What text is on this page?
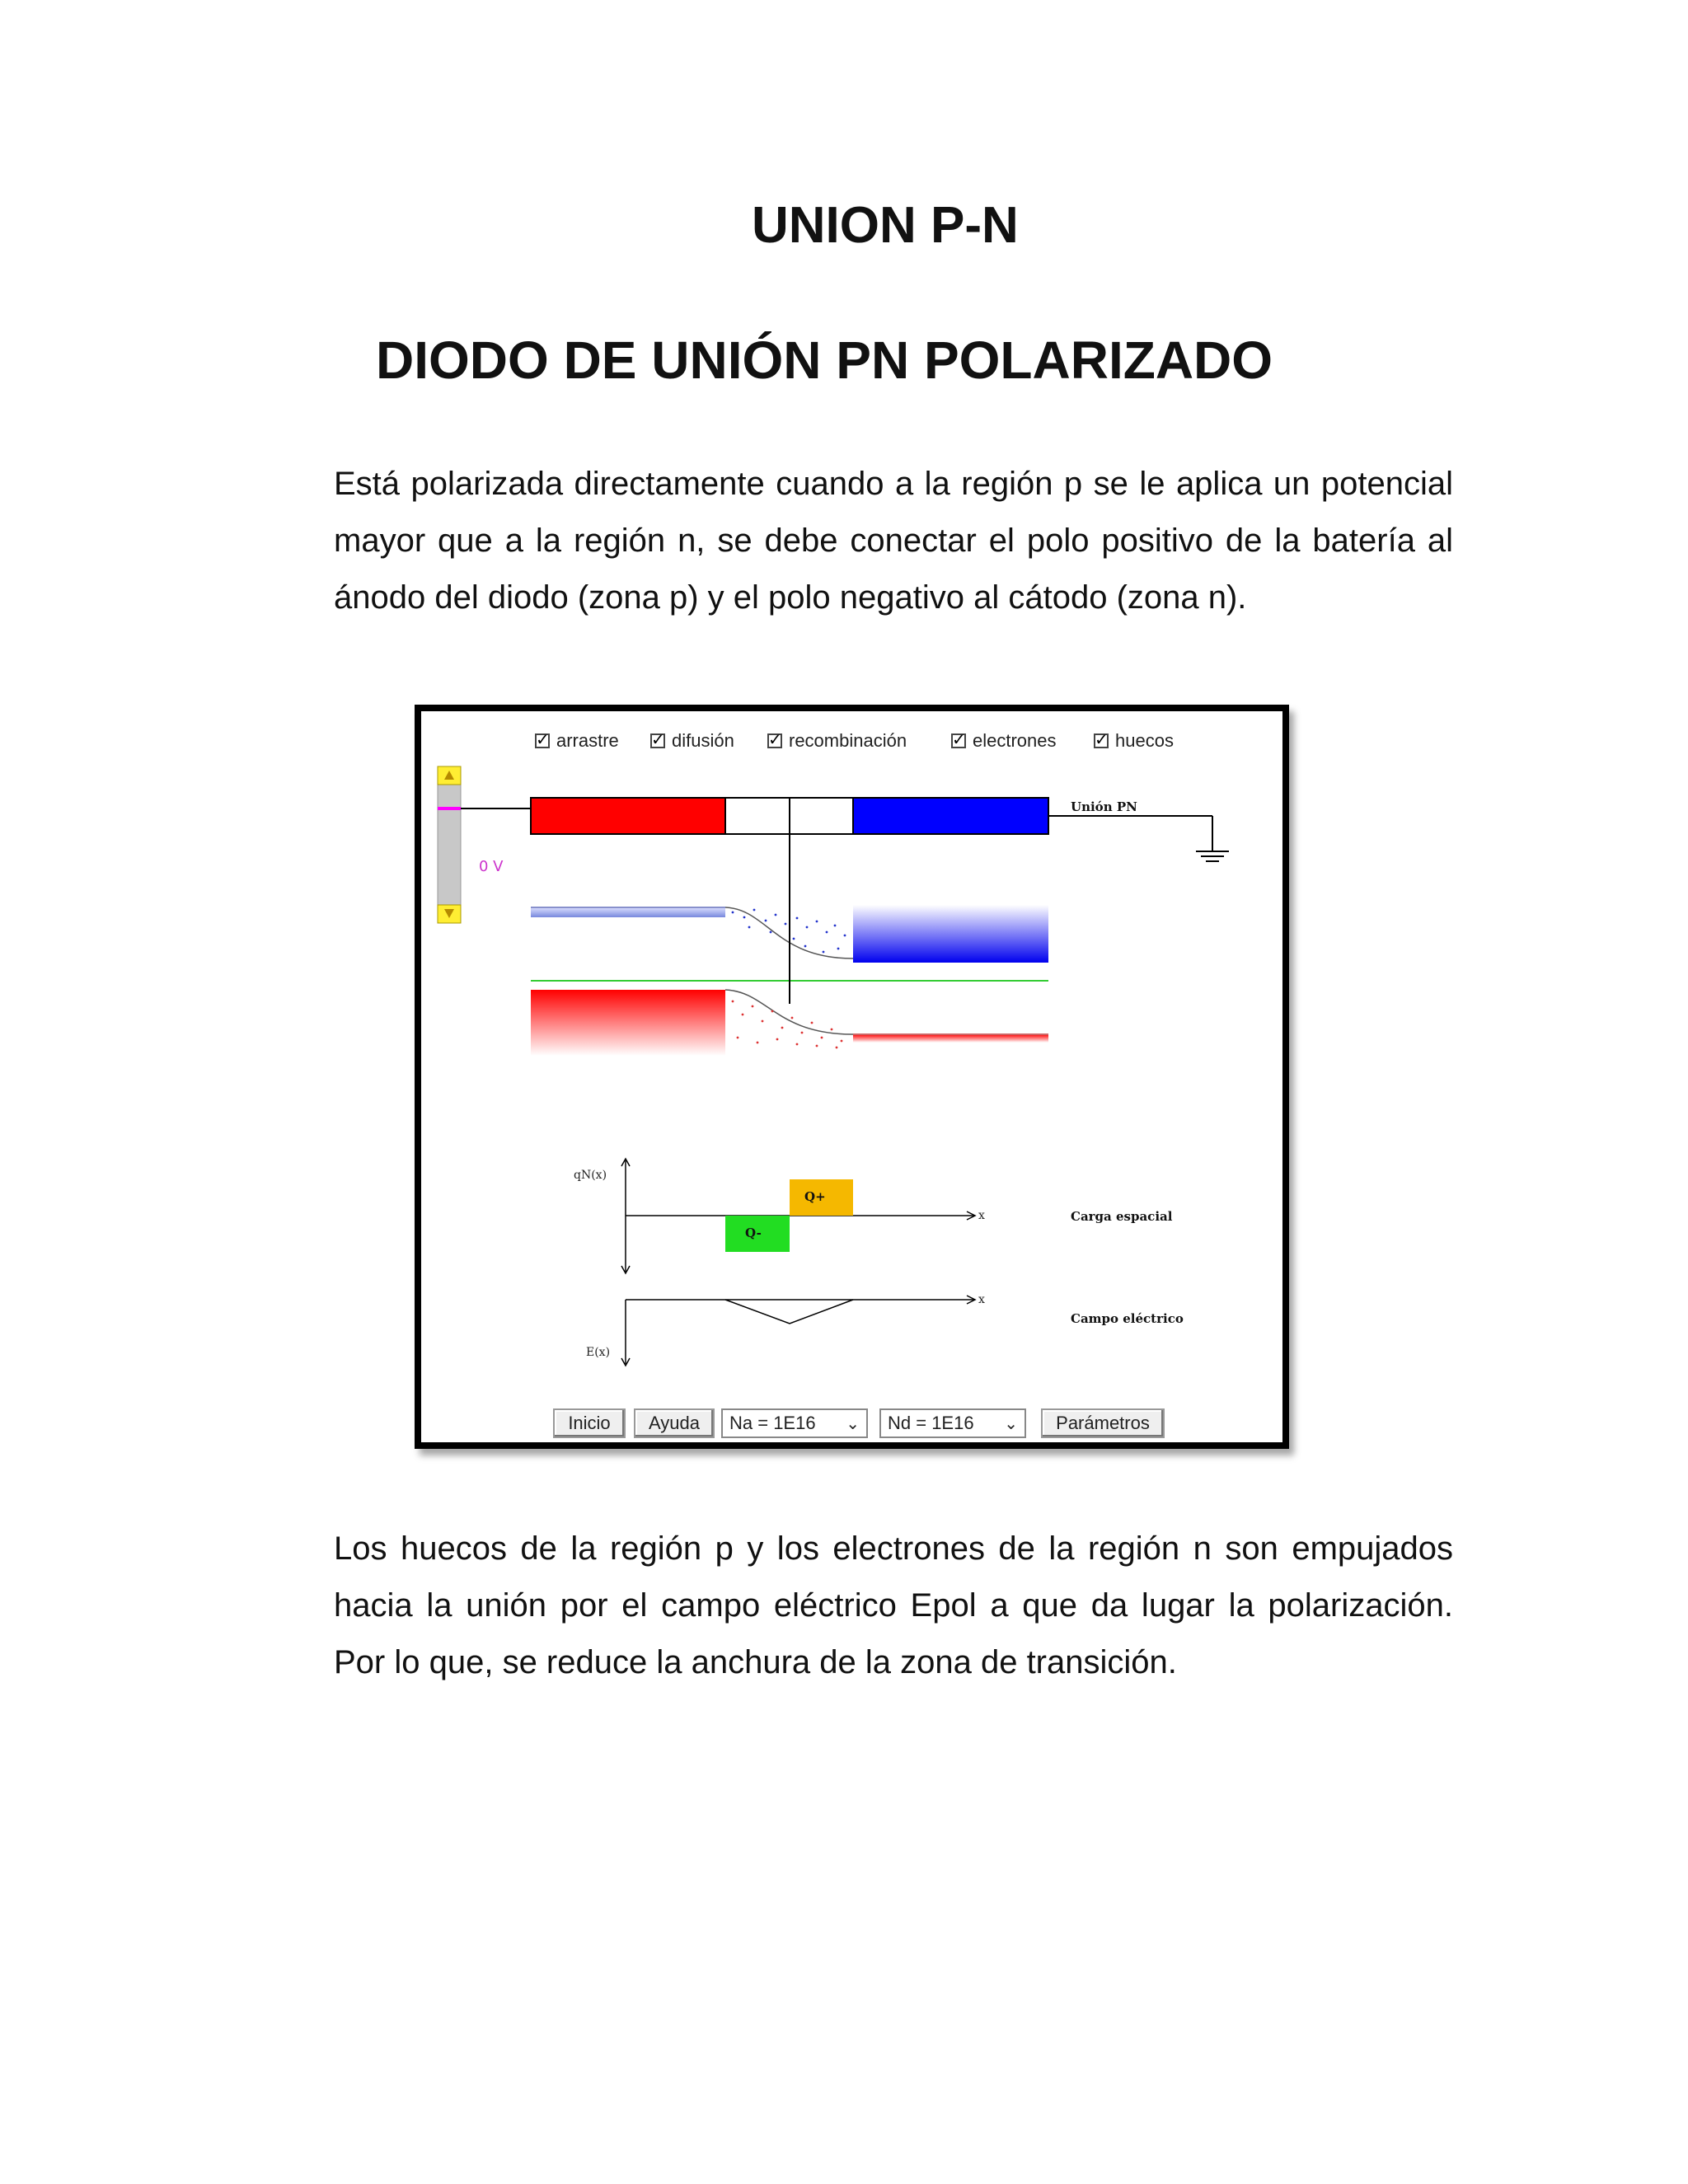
UNION P-N
DIODO DE UNIÓN PN POLARIZADO

Está polarizada directamente cuando a la región p se le aplica un potencial mayor que a la región n, se debe conectar el polo positivo de la batería al ánodo del diodo (zona p) y el polo negativo al cátodo (zona n).

✓
arrastre ✓	difusión ✓	recombinación ✓	electrones ✓	huecos
0 V
Unión PN
qN(x)
x
Q+
Q-
Carga espacial
E(x)
x
Campo eléctrico
Inicio	Ayuda	Na = 1E16 ⌄ Nd = 1E16 ⌄	Parámetros

Los huecos de la región p y los electrones de la región n son empujados hacia la unión por el campo eléctrico Epol a que da lugar la polarización. Por lo que, se reduce la anchura de la zona de transición.
